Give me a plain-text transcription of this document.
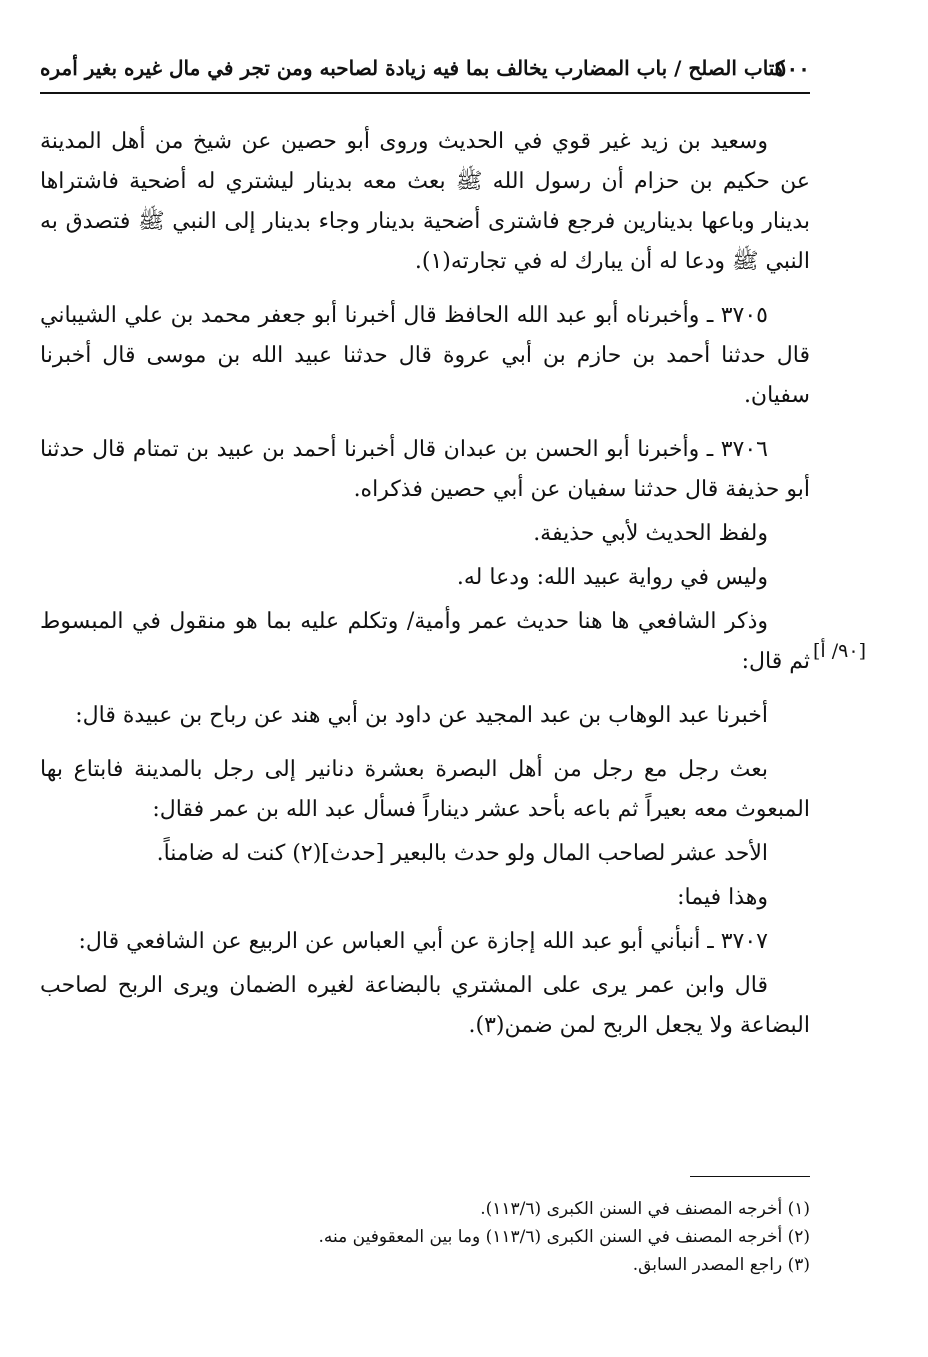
٥٠٠
كتاب الصلح / باب المضارب يخالف بما فيه زيادة لصاحبه ومن تجر في مال غيره بغير أمره
[٩٠/ أ]

وسعيد بن زيد غير قوي في الحديث وروى أبو حصين عن شيخ من أهل المدينة عن حكيم بن حزام أن رسول الله ﷺ بعث معه بدينار ليشتري له أضحية فاشتراها بدينار وباعها بدينارين فرجع فاشترى أضحية بدينار وجاء بدينار إلى النبي ﷺ فتصدق به النبي ﷺ ودعا له أن يبارك له في تجارته(١).

٣٧٠٥ ـ وأخبرناه أبو عبد الله الحافظ قال أخبرنا أبو جعفر محمد بن علي الشيباني قال حدثنا أحمد بن حازم بن أبي عروة قال حدثنا عبيد الله بن موسى قال أخبرنا سفيان.

٣٧٠٦ ـ وأخبرنا أبو الحسن بن عبدان قال أخبرنا أحمد بن عبيد بن تمتام قال حدثنا أبو حذيفة قال حدثنا سفيان عن أبي حصين فذكراه.

ولفظ الحديث لأبي حذيفة.

وليس في رواية عبيد الله: ودعا له.

وذكر الشافعي ها هنا حديث عمر وأمية/ وتكلم عليه بما هو منقول في المبسوط ثم قال:

أخبرنا عبد الوهاب بن عبد المجيد عن داود بن أبي هند عن رباح بن عبيدة قال:

بعث رجل مع رجل من أهل البصرة بعشرة دنانير إلى رجل بالمدينة فابتاع بها المبعوث معه بعيراً ثم باعه بأحد عشر ديناراً فسأل عبد الله بن عمر فقال:

الأحد عشر لصاحب المال ولو حدث بالبعير [حدث](٢) كنت له ضامناً.

وهذا فيما:

٣٧٠٧ ـ أنبأني أبو عبد الله إجازة عن أبي العباس عن الربيع عن الشافعي قال:

قال وابن عمر يرى على المشتري بالبضاعة لغيره الضمان ويرى الربح لصاحب البضاعة ولا يجعل الربح لمن ضمن(٣).

(١) أخرجه المصنف في السنن الكبرى (١١٣/٦).
(٢) أخرجه المصنف في السنن الكبرى (١١٣/٦) وما بين المعقوفين منه.
(٣) راجع المصدر السابق.
